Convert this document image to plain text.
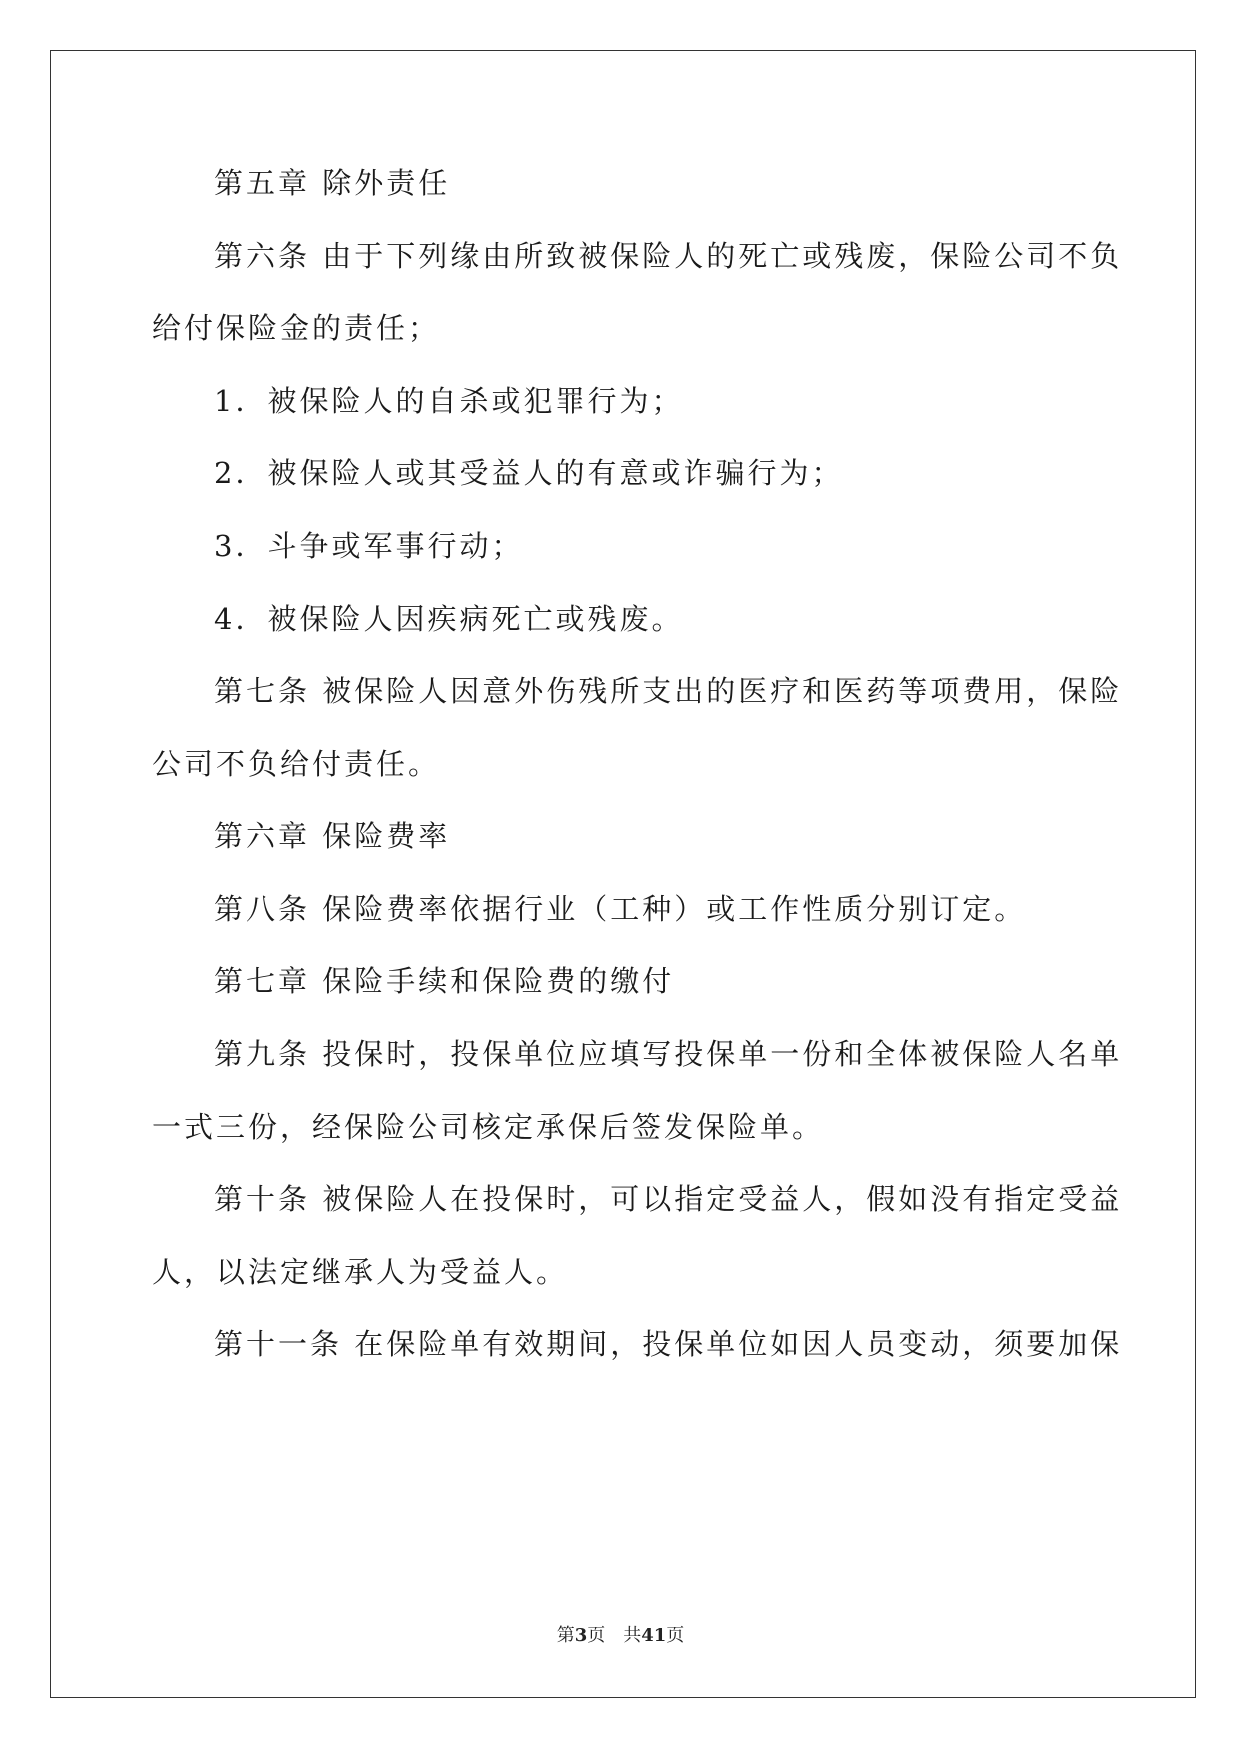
第五章 除外责任
第六条 由于下列缘由所致被保险人的死亡或残废，保险公司不负
给付保险金的责任；
1．被保险人的自杀或犯罪行为；
2．被保险人或其受益人的有意或诈骗行为；
3．斗争或军事行动；
4．被保险人因疾病死亡或残废。
第七条 被保险人因意外伤残所支出的医疗和医药等项费用，保险
公司不负给付责任。
第六章 保险费率
第八条 保险费率依据行业（工种）或工作性质分别订定。
第七章 保险手续和保险费的缴付
第九条 投保时，投保单位应填写投保单一份和全体被保险人名单
一式三份，经保险公司核定承保后签发保险单。
第十条 被保险人在投保时，可以指定受益人，假如没有指定受益
人，以法定继承人为受益人。
第十一条 在保险单有效期间，投保单位如因人员变动，须要加保
第3页 共41页
